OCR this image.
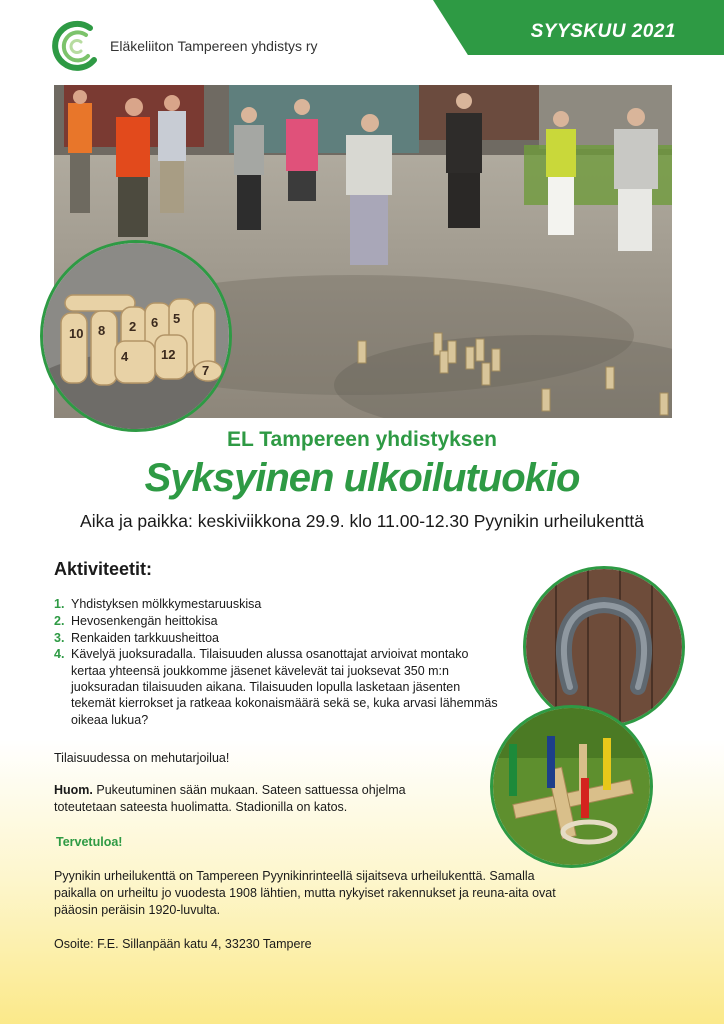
Eläkeliiton Tampereen yhdistys ry
SYYSKUU 2021
10 8 2 6 5
4	12
7
EL Tampereen yhdistyksen
Syksyinen ulkoilutuokio
Aika ja paikka: keskiviikkona 29.9. klo 11.00-12.30 Pyynikin urheilukenttä
Aktiviteetit:
1. Yhdistyksen mölkkymestaruuskisa
2. Hevosenkengän heittokisa
3. Renkaiden tarkkuusheittoa
4. Kävelyä juoksuradalla. Tilaisuuden alussa osanottajat arvioivat montako kertaa yhteensä joukkomme jäsenet kävelevät tai juoksevat 350 m:n juoksuradan tilaisuuden aikana. Tilaisuuden lopulla lasketaan jäsenten tekemät kierrokset ja ratkeaa kokonaismäärä sekä se, kuka arvasi lähemmäs oikeaa lukua?
Tilaisuudessa on mehutarjoilua!
Huom. Pukeutuminen sään mukaan. Sateen sattuessa ohjelma toteutetaan sateesta huolimatta. Stadionilla on katos.
Tervetuloa!
Pyynikin urheilukenttä on Tampereen Pyynikinrinteellä sijaitseva urheilukenttä. Samalla paikalla on urheiltu jo vuodesta 1908 lähtien, mutta nykyiset rakennukset ja reuna-aita ovat pääosin peräisin 1920-luvulta.
Osoite: F.E. Sillanpään katu 4, 33230 Tampere
